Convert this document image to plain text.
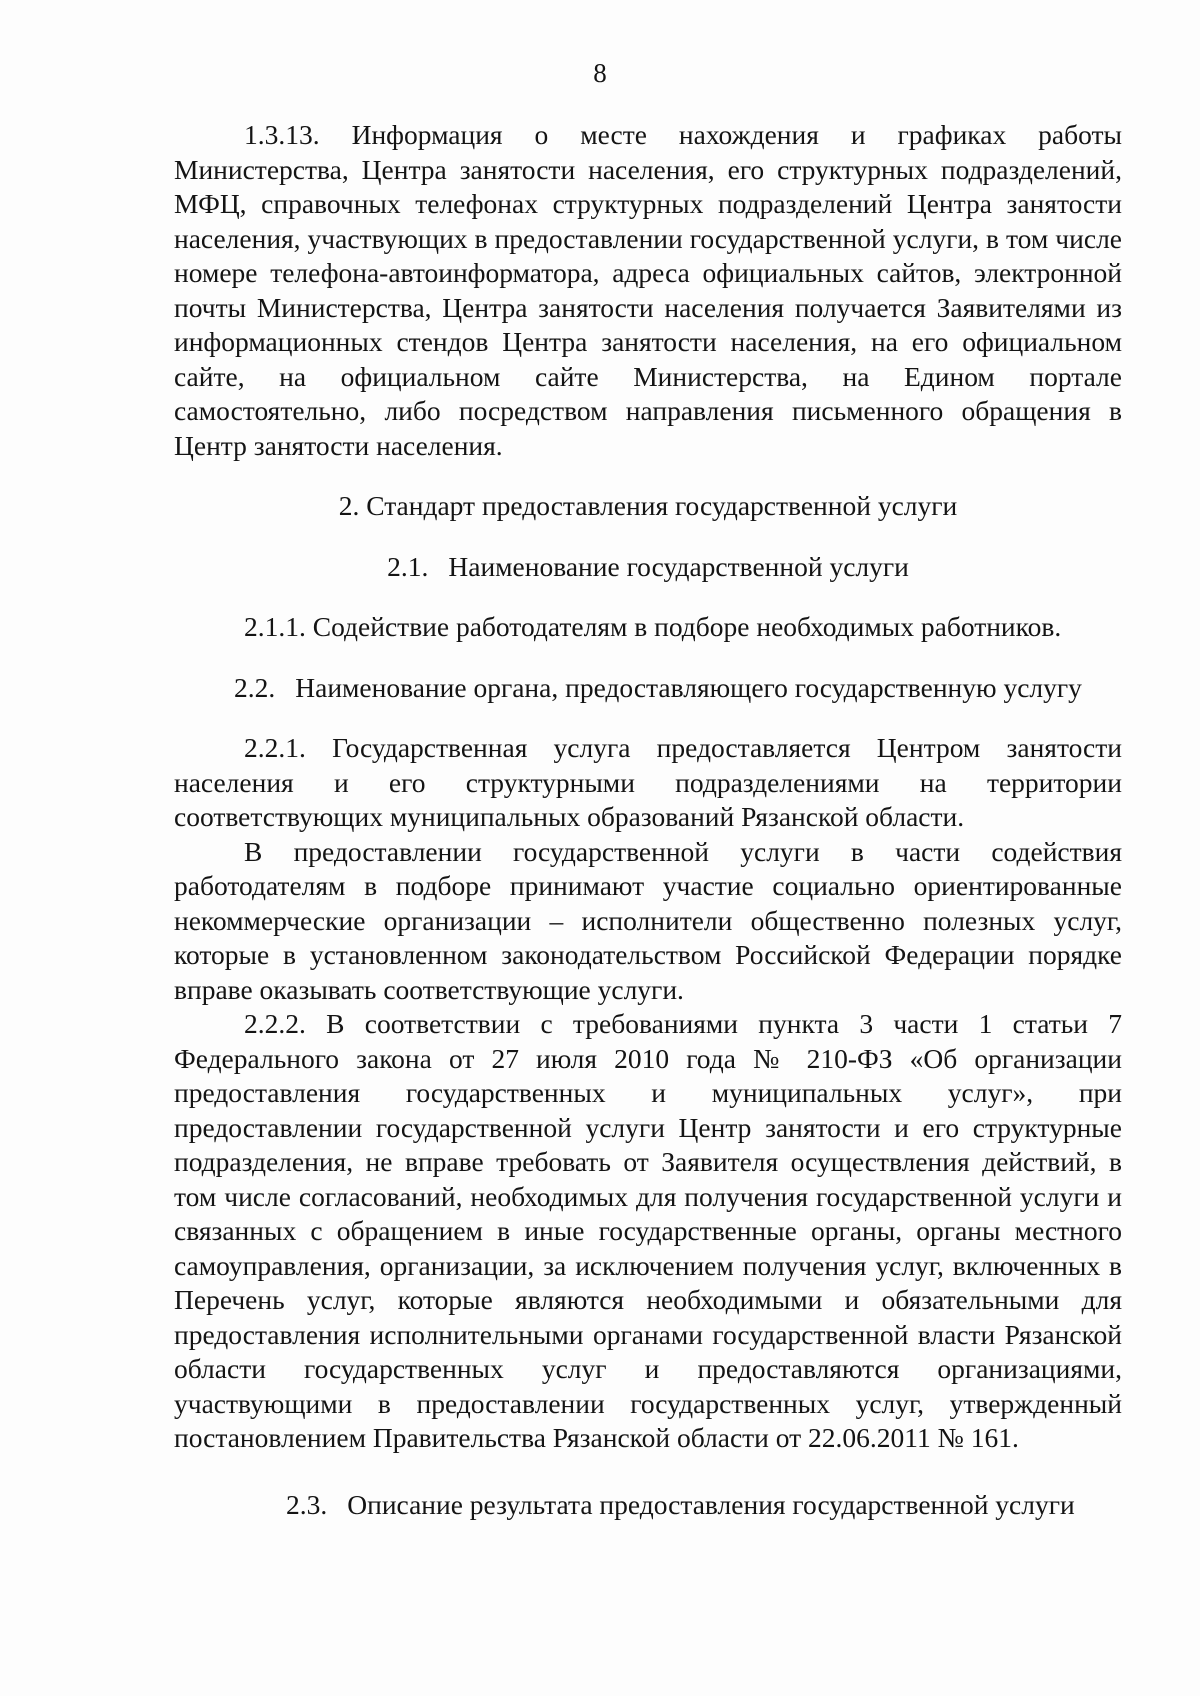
8

1.3.13. Информация о месте нахождения и графиках работы Министерства, Центра занятости населения, его структурных подразделений, МФЦ, справочных телефонах структурных подразделений Центра занятости населения, участвующих в предоставлении государственной услуги, в том числе номере телефона-автоинформатора, адреса официальных сайтов, электронной почты Министерства, Центра занятости населения получается Заявителями из информационных стендов Центра занятости населения, на его официальном сайте, на официальном сайте Министерства, на Едином портале самостоятельно, либо посредством направления письменного обращения в Центр занятости населения.

2. Стандарт предоставления государственной услуги

2.1. Наименование государственной услуги

2.1.1. Содействие работодателям в подборе необходимых работников.

2.2. Наименование органа, предоставляющего государственную услугу

2.2.1. Государственная услуга предоставляется Центром занятости населения и его структурными подразделениями на территории соответствующих муниципальных образований Рязанской области.

В предоставлении государственной услуги в части содействия работодателям в подборе принимают участие социально ориентированные некоммерческие организации – исполнители общественно полезных услуг, которые в установленном законодательством Российской Федерации порядке вправе оказывать соответствующие услуги.

2.2.2. В соответствии с требованиями пункта 3 части 1 статьи 7 Федерального закона от 27 июля 2010 года № 210-ФЗ «Об организации предоставления государственных и муниципальных услуг», при предоставлении государственной услуги Центр занятости и его структурные подразделения, не вправе требовать от Заявителя осуществления действий, в том числе согласований, необходимых для получения государственной услуги и связанных с обращением в иные государственные органы, органы местного самоуправления, организации, за исключением получения услуг, включенных в Перечень услуг, которые являются необходимыми и обязательными для предоставления исполнительными органами государственной власти Рязанской области государственных услуг и предоставляются организациями, участвующими в предоставлении государственных услуг, утвержденный постановлением Правительства Рязанской области от 22.06.2011 № 161.

2.3. Описание результата предоставления государственной услуги
